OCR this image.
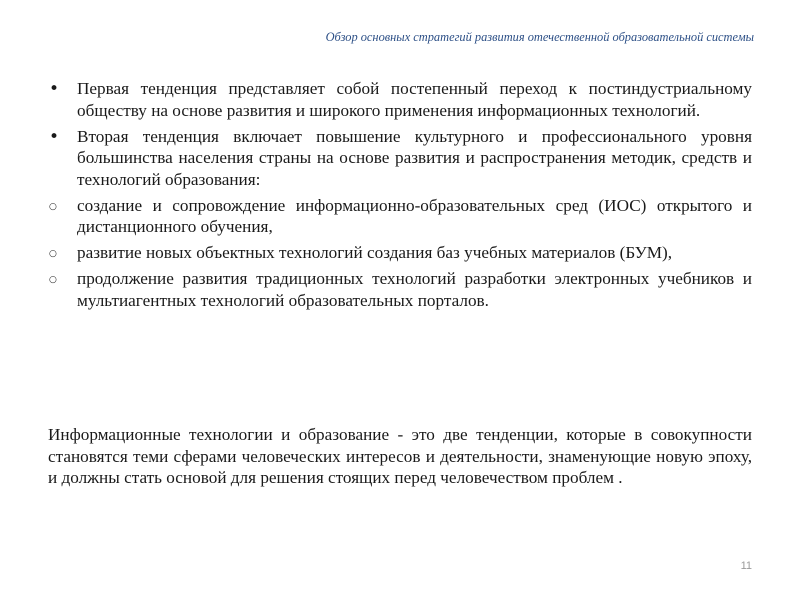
Обзор основных стратегий развития отечественной образовательной системы
•
Первая тенденция представляет собой постепенный переход к постиндустриальному обществу на основе развития и широкого применения информационных технологий.
•
Вторая тенденция включает повышение культурного и профессионального уровня большинства населения страны на основе развития и распространения методик, средств и технологий образования:
○
создание и сопровождение информационно-образовательных сред (ИОС) открытого и дистанционного обучения,
○
развитие новых объектных технологий создания баз учебных материалов (БУМ),
○
продолжение развития традиционных технологий разработки электронных учебников и мультиагентных технологий образовательных порталов.

Информационные технологии и образование - это две тенденции, которые в совокупности становятся теми сферами человеческих интересов и деятельности, знаменующие новую эпоху, и должны стать основой для решения стоящих перед человечеством проблем .

11
